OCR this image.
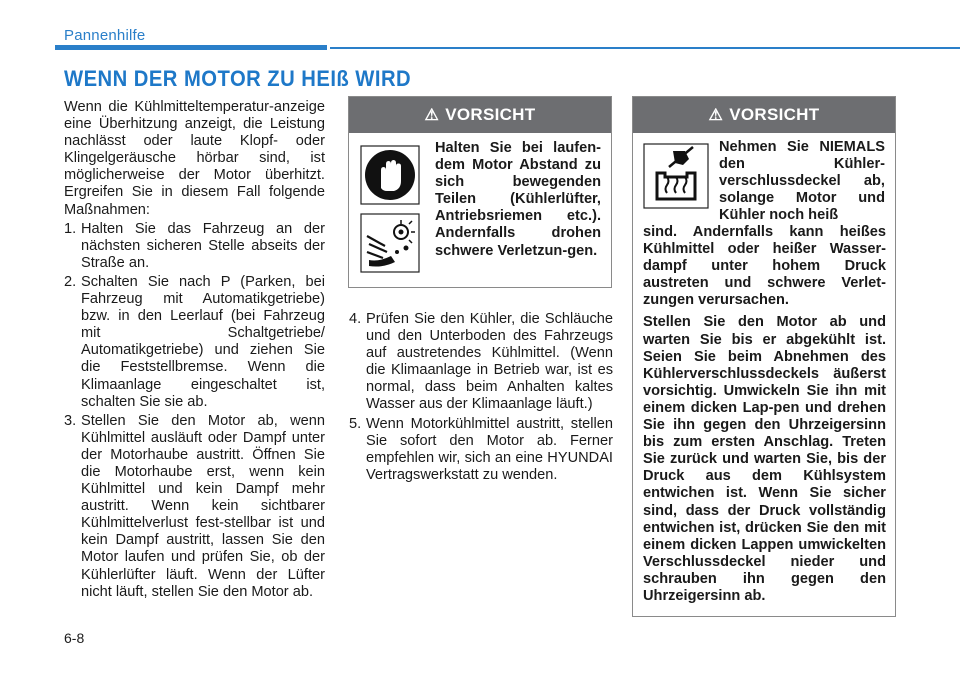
Pannenhilfe
WENN DER MOTOR ZU HEIß WIRD

Wenn die Kühlmitteltemperatur-anzeige eine Überhitzung anzeigt, die Leistung nachlässt oder laute Klopf- oder Klingelgeräusche hörbar sind, ist möglicherweise der Motor überhitzt. Ergreifen Sie in diesem Fall folgende Maßnahmen:

1. Halten Sie das Fahrzeug an der nächsten sicheren Stelle abseits der Straße an.
2. Schalten Sie nach P (Parken, bei Fahrzeug mit Automatikgetriebe) bzw. in den Leerlauf (bei Fahrzeug mit Schaltgetriebe/ Automatikgetriebe) und ziehen Sie die Feststellbremse. Wenn die Klimaanlage eingeschaltet ist, schalten Sie sie ab.
3. Stellen Sie den Motor ab, wenn Kühlmittel ausläuft oder Dampf unter der Motorhaube austritt. Öffnen Sie die Motorhaube erst, wenn kein Kühlmittel und kein Dampf mehr austritt. Wenn kein sichtbarer Kühlmittelverlust fest-stellbar ist und kein Dampf austritt, lassen Sie den Motor laufen und prüfen Sie, ob der Kühlerlüfter läuft. Wenn der Lüfter nicht läuft, stellen Sie den Motor ab.
⚠ VORSICHT
Halten Sie bei laufen-dem Motor Abstand zu sich bewegenden Teilen (Kühlerlüfter, Antriebsriemen etc.). Andernfalls drohen schwere Verletzun-gen.
4. Prüfen Sie den Kühler, die Schläuche und den Unterboden des Fahrzeugs auf austretendes Kühlmittel. (Wenn die Klimaanlage in Betrieb war, ist es normal, dass beim Anhalten kaltes Wasser aus der Klimaanlage läuft.)
5. Wenn Motorkühlmittel austritt, stellen Sie sofort den Motor ab. Ferner empfehlen wir, sich an eine HYUNDAI Vertragswerkstatt zu wenden.
⚠ VORSICHT
Nehmen Sie NIEMALS den Kühler-verschlussdeckel ab, solange Motor und Kühler noch heiß

sind. Andernfalls kann heißes Kühlmittel oder heißer Wasser-dampf unter hohem Druck austreten und schwere Verlet-zungen verursachen.

Stellen Sie den Motor ab und warten Sie bis er abgekühlt ist. Seien Sie beim Abnehmen des Kühlerverschlussdeckels äußerst vorsichtig. Umwickeln Sie ihn mit einem dicken Lap-pen und drehen Sie ihn gegen den Uhrzeigersinn bis zum ersten Anschlag. Treten Sie zurück und warten Sie, bis der Druck aus dem Kühlsystem entwichen ist. Wenn Sie sicher sind, dass der Druck vollständig entwichen ist, drücken Sie den mit einem dicken Lappen umwickelten Verschlussdeckel nieder und schrauben ihn gegen den Uhrzeigersinn ab.

6-8
